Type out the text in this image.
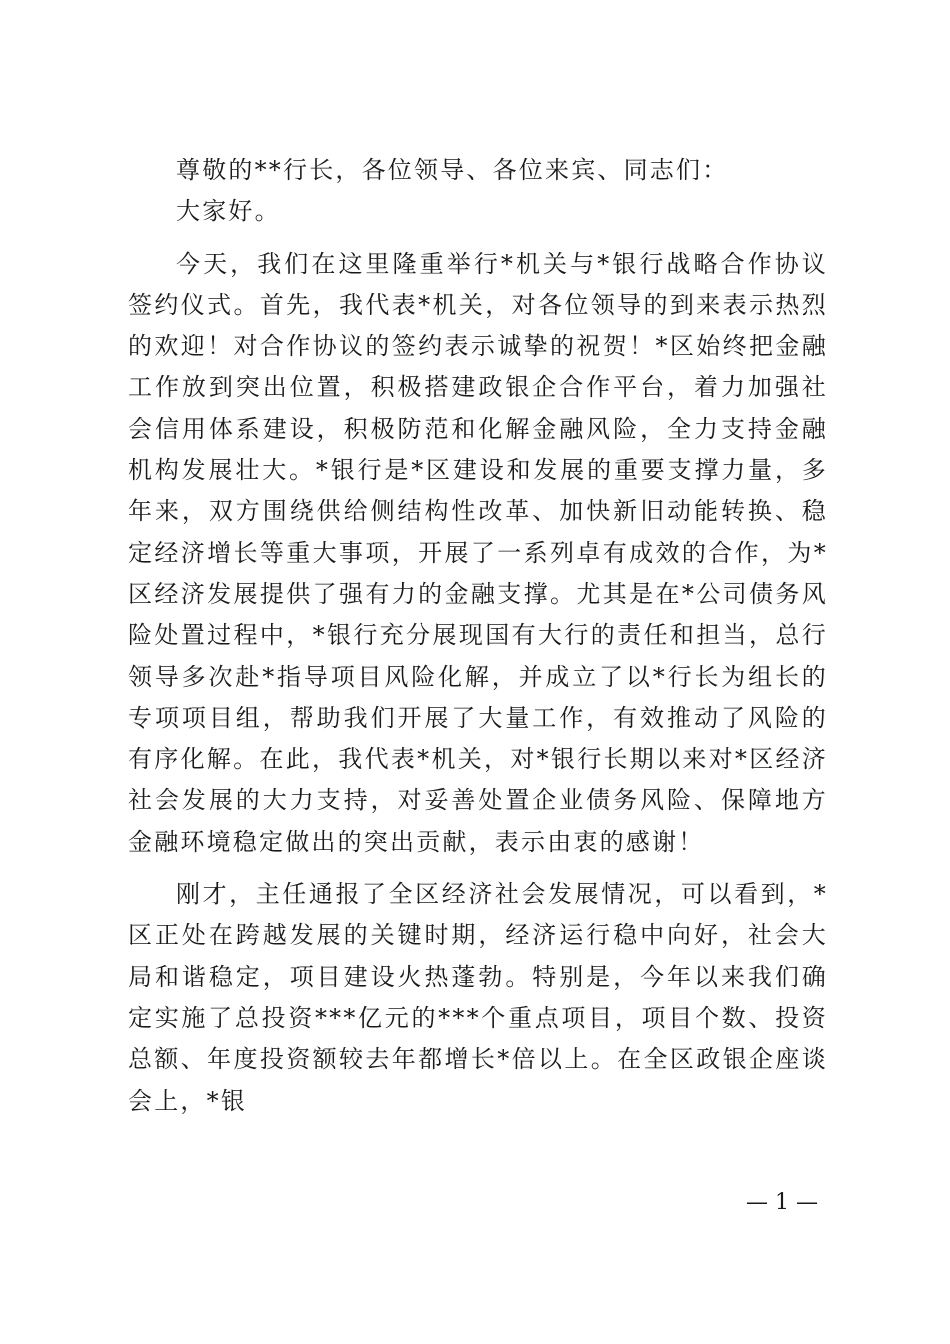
尊敬的**行长，各位领导、各位来宾、同志们：

大家好。

今天，我们在这里隆重举行*机关与*银行战略合作协议签约仪式。首先，我代表*机关，对各位领导的到来表示热烈的欢迎！对合作协议的签约表示诚挚的祝贺！*区始终把金融工作放到突出位置，积极搭建政银企合作平台，着力加强社会信用体系建设，积极防范和化解金融风险，全力支持金融机构发展壮大。*银行是*区建设和发展的重要支撑力量，多年来，双方围绕供给侧结构性改革、加快新旧动能转换、稳定经济增长等重大事项，开展了一系列卓有成效的合作，为*区经济发展提供了强有力的金融支撑。尤其是在*公司债务风险处置过程中，*银行充分展现国有大行的责任和担当，总行领导多次赴*指导项目风险化解，并成立了以*行长为组长的专项项目组，帮助我们开展了大量工作，有效推动了风险的有序化解。在此，我代表*机关，对*银行长期以来对*区经济社会发展的大力支持，对妥善处置企业债务风险、保障地方金融环境稳定做出的突出贡献，表示由衷的感谢！

刚才，主任通报了全区经济社会发展情况，可以看到，*区正处在跨越发展的关键时期，经济运行稳中向好，社会大局和谐稳定，项目建设火热蓬勃。特别是，今年以来我们确定实施了总投资***亿元的***个重点项目，项目个数、投资总额、年度投资额较去年都增长*倍以上。在全区政银企座谈会上，*银

— 1 —
